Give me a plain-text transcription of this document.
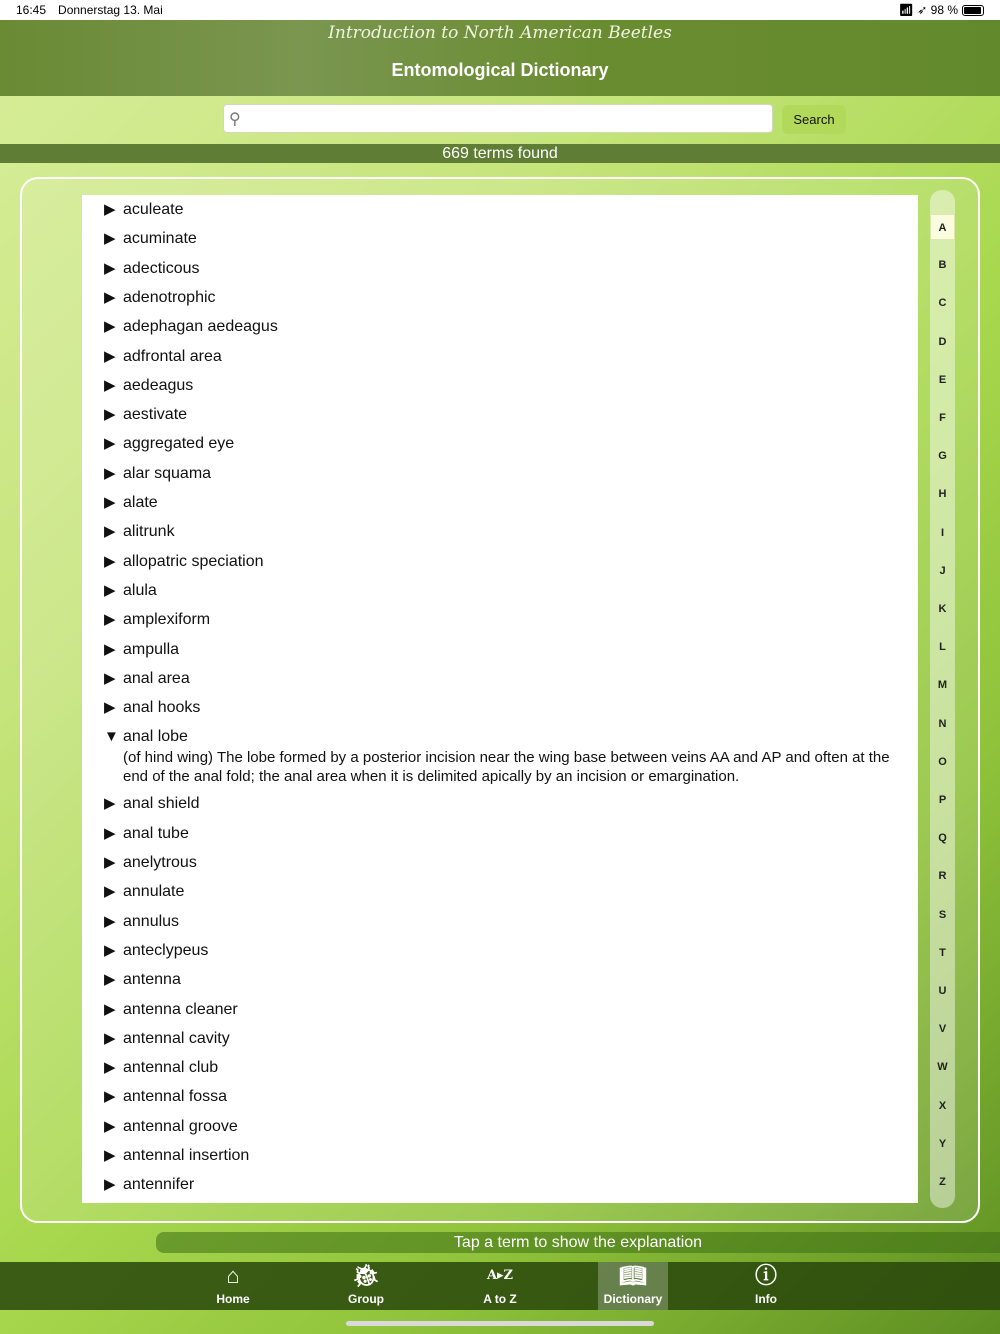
16:45 Donnerstag 13. Mai	📶︎ ➶ 98 %
Introduction to North American Beetles
Entomological Dictionary
⚲	Search
669 terms found
▶ aculeate
▶ acuminate
▶ adecticous
▶ adenotrophic
▶ adephagan aedeagus
▶ adfrontal area
▶ aedeagus
▶ aestivate
▶ aggregated eye
▶ alar squama
▶ alate
▶ alitrunk
▶ allopatric speciation
▶ alula
▶ amplexiform
▶ ampulla
▶ anal area
▶ anal hooks
▼ anal lobe
(of hind wing) The lobe formed by a posterior incision near the wing base between veins AA and AP and often at the end of the anal fold; the anal area when it is delimited apically by an incision or emargination.
▶ anal shield
▶ anal tube
▶ anelytrous
▶ annulate
▶ annulus
▶ anteclypeus
▶ antenna
▶ antenna cleaner
▶ antennal cavity
▶ antennal club
▶ antennal fossa
▶ antennal groove
▶ antennal insertion
▶ antennifer
A
B
C
D
E
F
G
H
I
J
K
L
M
N
O
P
Q
R
S
T
U
V
W
X
Y
Z
Tap a term to show the explanation
⌂
Home
🐞︎
Group
A▸Z
A to Z
📖︎
Dictionary
ⓘ
Info
